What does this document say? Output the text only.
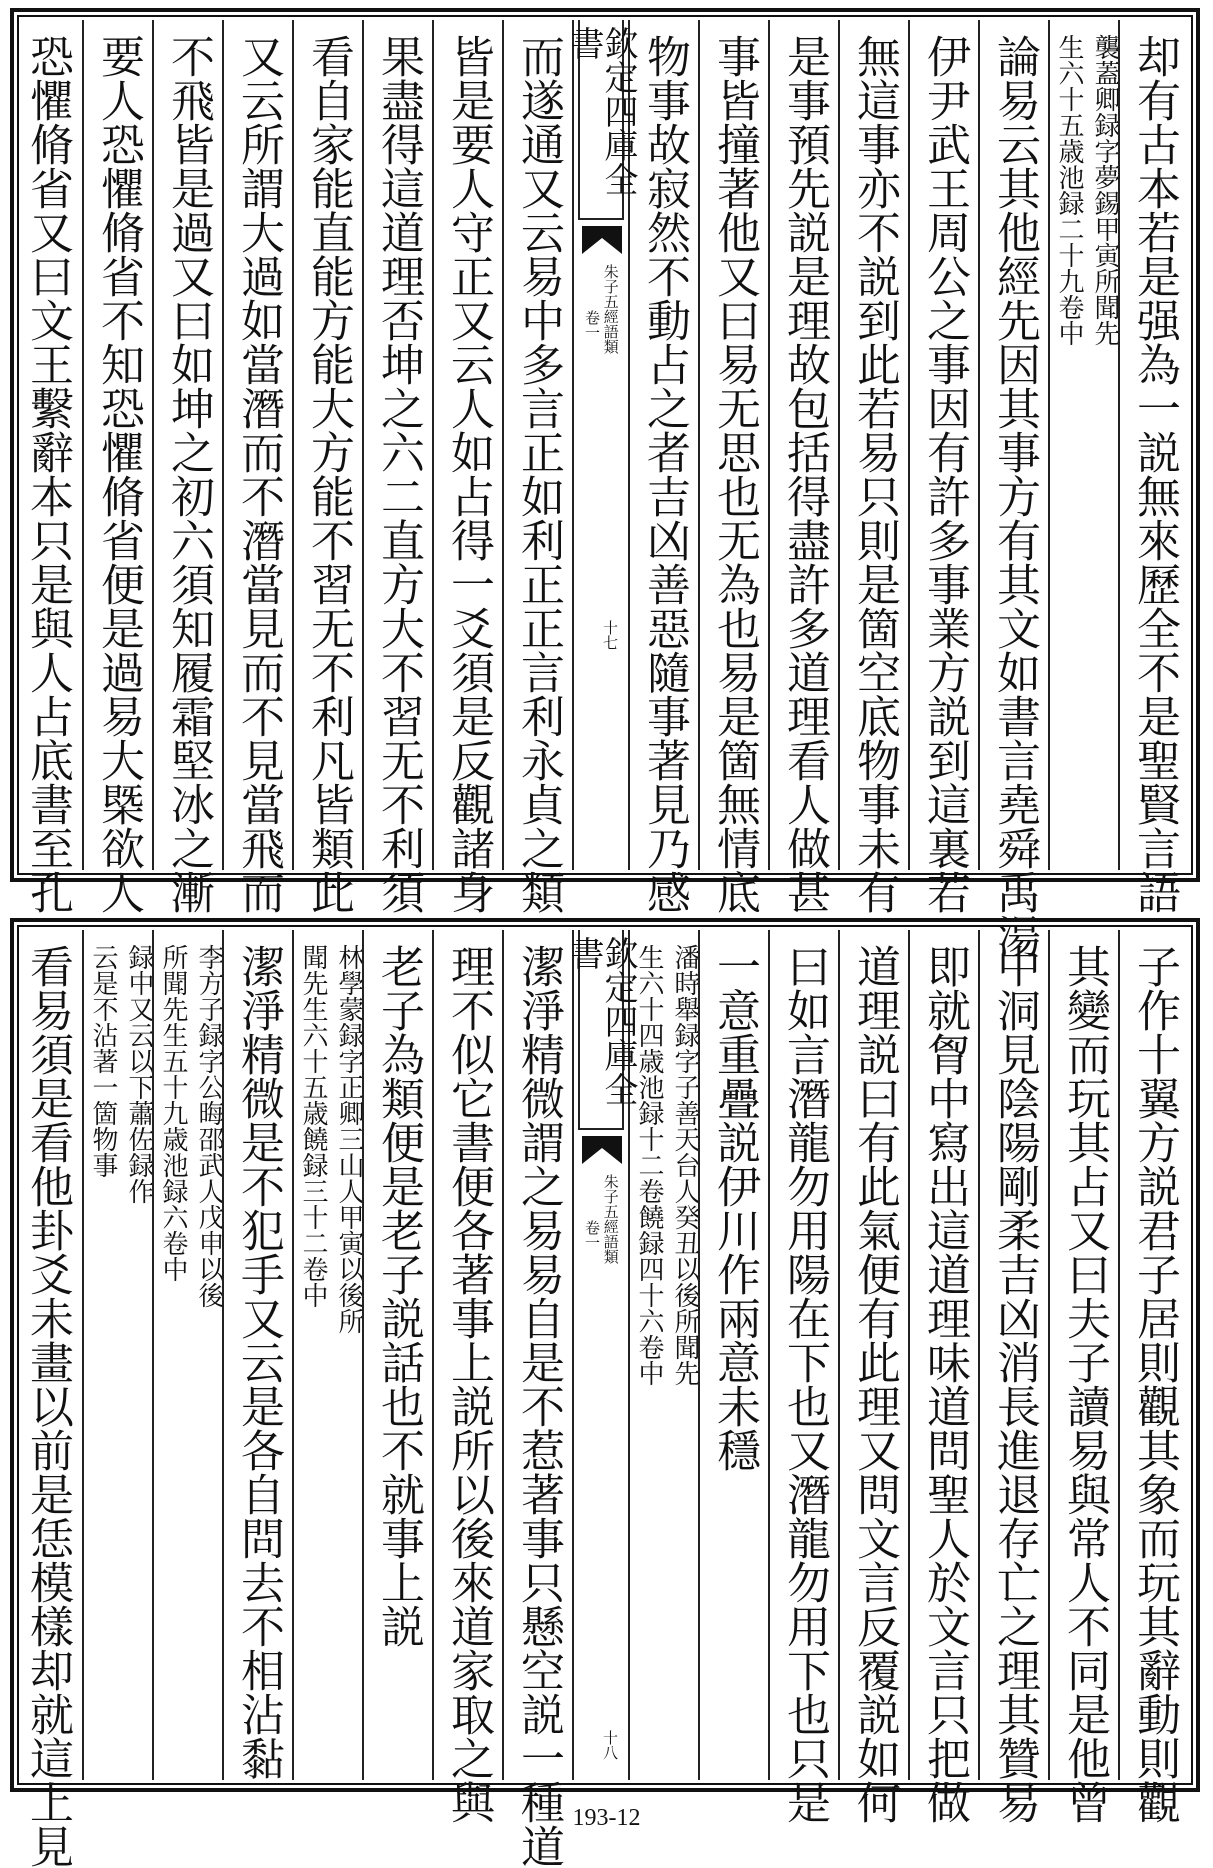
却有古本若是强為一説無來歷全不是聖賢言語
襲蓋卿録字夢錫甲寅所聞先
生六十五歳池録二十九卷中
論易云其他經先因其事方有其文如書言堯舜禹湯
伊尹武王周公之事因有許多事業方説到這裏若
無這事亦不説到此若易只則是箇空底物事未有
是事預先説是理故包括得盡許多道理看人做甚
事皆撞著他又曰易无思也无為也易是箇無情底
物事故寂然不動占之者吉凶善惡隨事著見乃感
欽定四庫全書
朱子五經語類
卷一
十七
而遂通又云易中多言正如利正正言利永貞之類
皆是要人守正又云人如占得一爻須是反觀諸身
果盡得這道理否坤之六二直方大不習无不利須
看自家能直能方能大方能不習无不利凡皆類此
又云所謂大過如當潛而不潛當見而不見當飛而
不飛皆是過又曰如坤之初六須知履霜堅冰之漸
要人恐懼脩省不知恐懼脩省便是過易大槩欲人
恐懼脩省又曰文王繫辭本只是與人占底書至孔
子作十翼方説君子居則觀其象而玩其辭動則觀
其變而玩其占又曰夫子讀易與常人不同是他曾
中洞見陰陽剛柔吉凶消長進退存亡之理其贊易
即就胷中寫出這道理味道問聖人於文言只把做
道理説曰有此氣便有此理又問文言反覆説如何
曰如言潛龍勿用陽在下也又潛龍勿用下也只是
一意重疊説伊川作兩意未穩
潘時舉録字子善天台人癸丑以後所聞先
生六十四歳池録十二卷饒録四十六卷中
欽定四庫全書
朱子五經語類
卷一
十八
潔淨精微謂之易易自是不惹著事只懸空説一種道
理不似它書便各著事上説所以後來道家取之與
老子為類便是老子説話也不就事上説
林學蒙録字正卿三山人甲寅以後所
聞先生六十五歳饒録三十二卷中
潔淨精微是不犯手又云是各自問去不相沾黏
李方子録字公晦邵武人戊申以後
所聞先生五十九歳池録六卷中
録中又云以下蕭佐録作
云是不沾著一箇物事
看易須是看他卦爻未畫以前是恁模樣却就這上見	193-12
